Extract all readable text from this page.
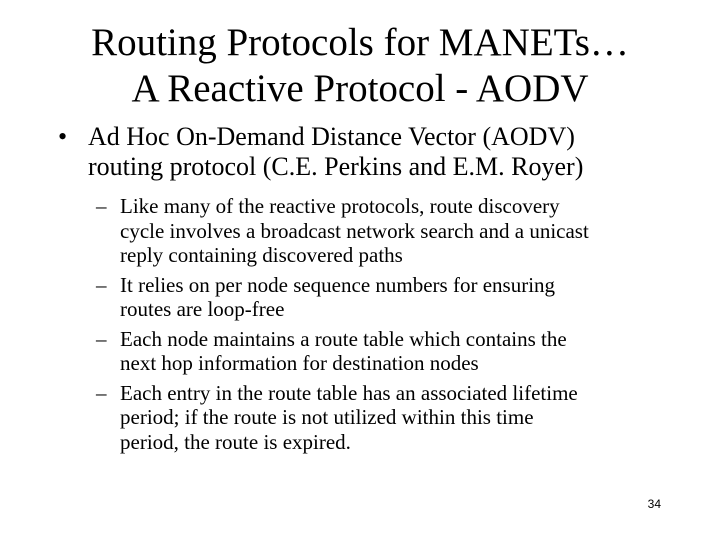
Routing Protocols for MANETs…
A Reactive Protocol - AODV
• Ad Hoc On-Demand Distance Vector (AODV)
routing protocol (C.E. Perkins and E.M. Royer)
– Like many of the reactive protocols, route discovery
cycle involves a broadcast network search and a unicast
reply containing discovered paths
– It relies on per node sequence numbers for ensuring
routes are loop-free
– Each node maintains a route table which contains the
next hop information for destination nodes
– Each entry in the route table has an associated lifetime
period; if the route is not utilized within this time
period, the route is expired.
34
